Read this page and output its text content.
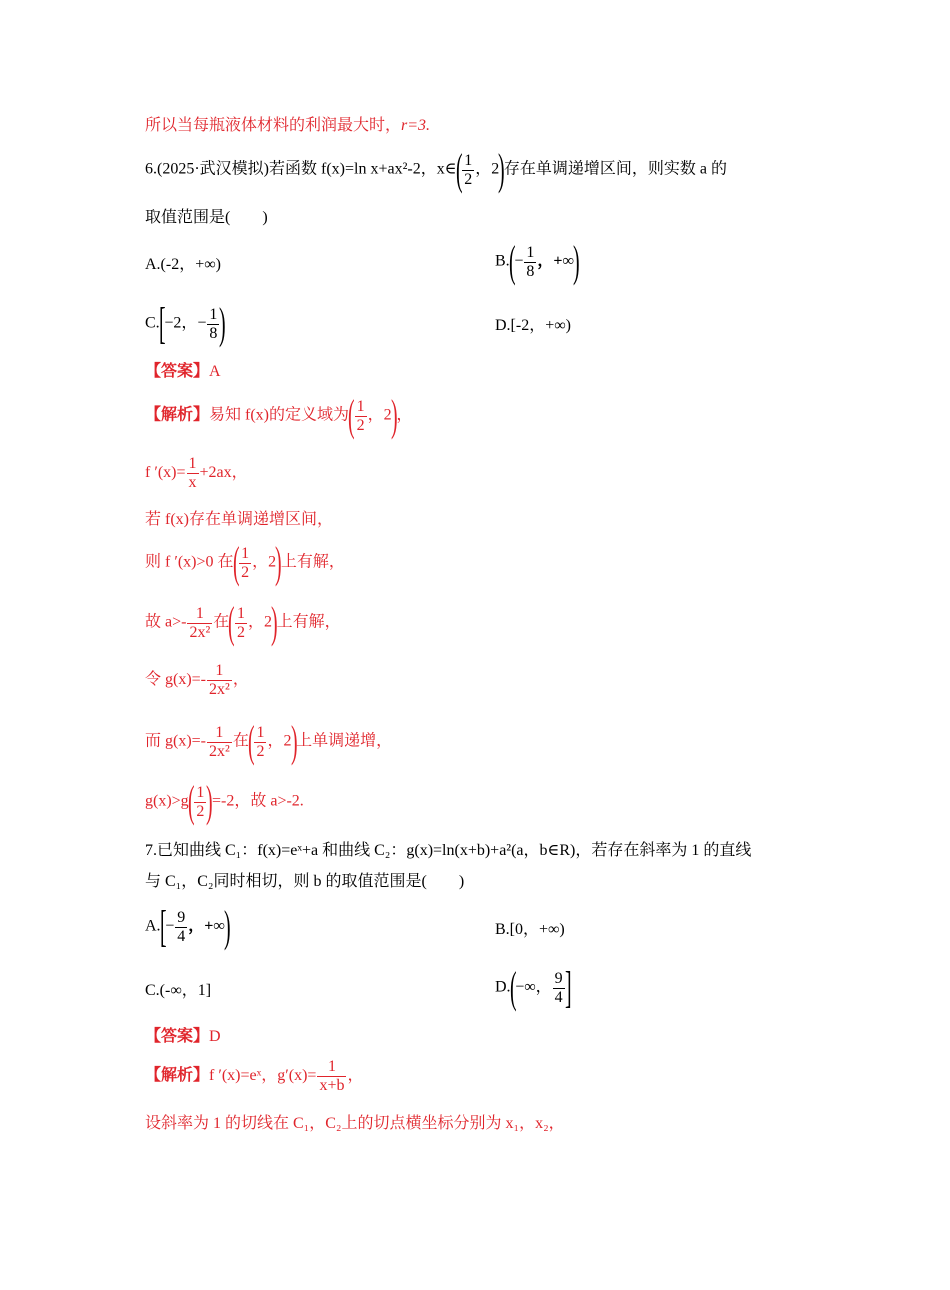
所以当每瓶液体材料的利润最大时，r=3.
6.(2025·武汉模拟)若函数 f(x)=ln x+ax²-2，x∈( $\frac{1}{2}$ ，2)存在单调递增区间，则实数 a 的
取值范围是(　　)
A.(-2，+∞)	$B.(- \frac{1}{8}$ ，+∞)
C.[−2，− $\frac{1}{8}$ )	D.[-2，+∞)
【答案】A
【解析】易知 f(x)的定义域为( $\frac{1}{2}$ ，2)，
f $'(x)= \frac{1}{x} +2ax$，
若 f(x)存在单调递增区间，
则 f ′(x)>0 在( $\frac{1}{2}$ ，2)上有解，
故 $a>- \frac{1}{\text{2x²}}$ 在( $\frac{1}{2}$ ，2)上有解，
令 $g(x)=- \frac{1}{\text{2x²}}$ ，
而 $g(x)=- \frac{1}{\text{2x²}}$ 在( $\frac{1}{2}$ ，2)上单调递增，
$g(x)>g( \frac{1}{2} )=-2$，故 a>-2.
7.已知曲线 C₁：f(x)=eˣ+a 和曲线 C₂：g(x)=ln(x+b)+a²(a，b∈R)，若存在斜率为 1 的直线
与 C₁，C₂同时相切，则 b 的取值范围是(　　)
$A.[- \frac{9}{4}$ ，+∞)	B.[0，+∞)
C.(-∞，1]	D.(−∞， $\frac{9}{4}$ ]
【答案】D
【解析】f ′(x)=eˣ，$g'(x)= \frac{1}{x+b}$ ，
设斜率为 1 的切线在 C₁，C₂上的切点横坐标分别为 x₁，x₂，
